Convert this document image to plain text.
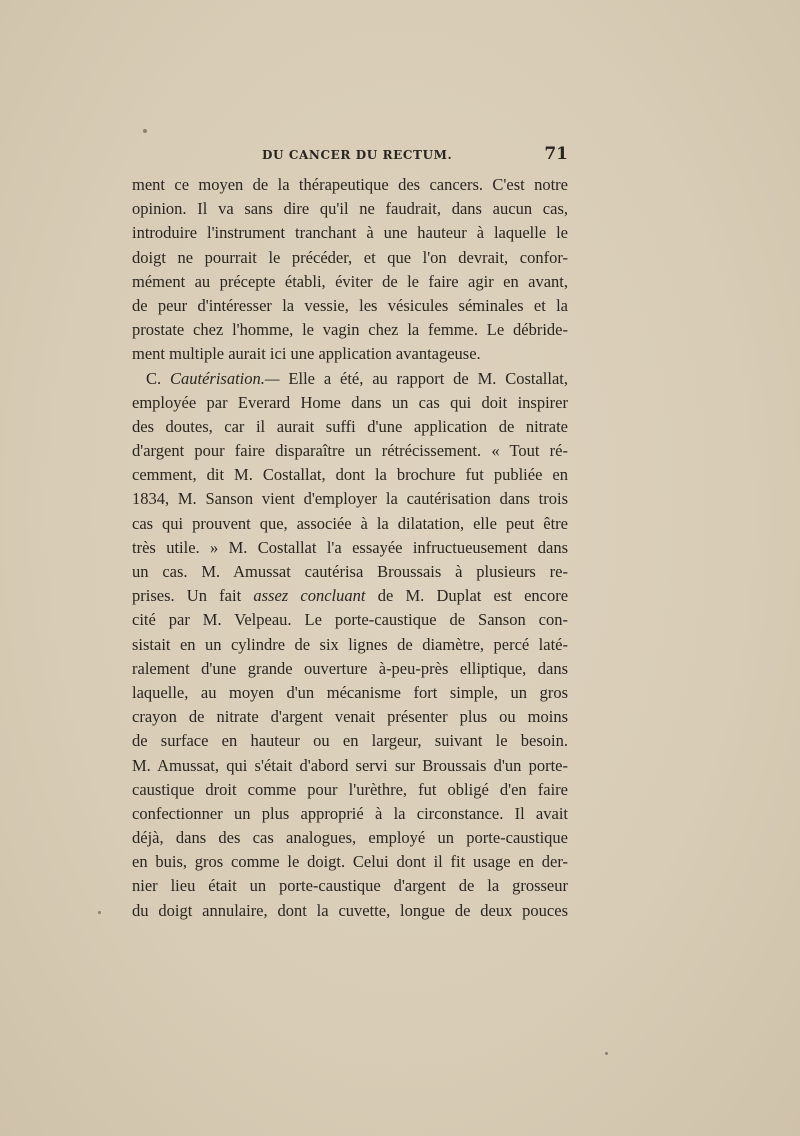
DU CANCER DU RECTUM.	71
ment ce moyen de la thérapeutique des cancers. C'est notre
opinion. Il va sans dire qu'il ne faudrait, dans aucun cas,
introduire l'instrument tranchant à une hauteur à laquelle le
doigt ne pourrait le précéder, et que l'on devrait, confor-
mément au précepte établi, éviter de le faire agir en avant,
de peur d'intéresser la vessie, les vésicules séminales et la
prostate chez l'homme, le vagin chez la femme. Le débride-
ment multiple aurait ici une application avantageuse.
C. Cautérisation.— Elle a été, au rapport de M. Costallat,
employée par Everard Home dans un cas qui doit inspirer
des doutes, car il aurait suffi d'une application de nitrate
d'argent pour faire disparaître un rétrécissement. « Tout ré-
cemment, dit M. Costallat, dont la brochure fut publiée en
1834, M. Sanson vient d'employer la cautérisation dans trois
cas qui prouvent que, associée à la dilatation, elle peut être
très utile. » M. Costallat l'a essayée infructueusement dans
un cas. M. Amussat cautérisa Broussais à plusieurs re-
prises. Un fait assez concluant de M. Duplat est encore
cité par M. Velpeau. Le porte-caustique de Sanson con-
sistait en un cylindre de six lignes de diamètre, percé laté-
ralement d'une grande ouverture à-peu-près elliptique, dans
laquelle, au moyen d'un mécanisme fort simple, un gros
crayon de nitrate d'argent venait présenter plus ou moins
de surface en hauteur ou en largeur, suivant le besoin.
M. Amussat, qui s'était d'abord servi sur Broussais d'un porte-
caustique droit comme pour l'urèthre, fut obligé d'en faire
confectionner un plus approprié à la circonstance. Il avait
déjà, dans des cas analogues, employé un porte-caustique
en buis, gros comme le doigt. Celui dont il fit usage en der-
nier lieu était un porte-caustique d'argent de la grosseur
du doigt annulaire, dont la cuvette, longue de deux pouces
